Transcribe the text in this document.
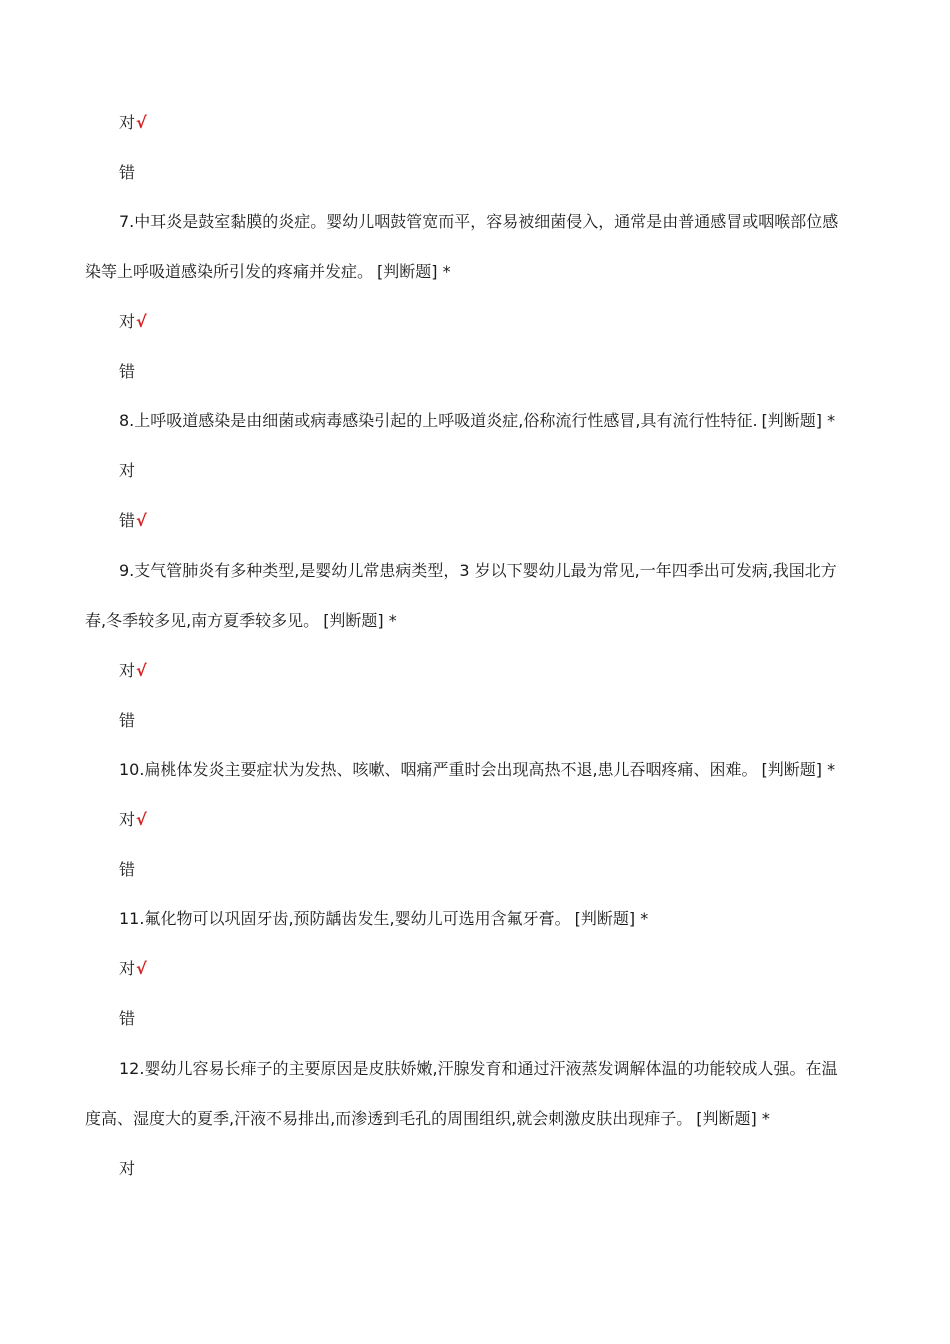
对√
错
7.中耳炎是鼓室黏膜的炎症。婴幼儿咽鼓管宽而平，容易被细菌侵入，通常是由普通感冒或咽喉部位感
染等上呼吸道感染所引发的疼痛并发症。 [判断题] *
对√
错
8.上呼吸道感染是由细菌或病毒感染引起的上呼吸道炎症,俗称流行性感冒,具有流行性特征. [判断题] *
对
错√
9.支气管肺炎有多种类型,是婴幼儿常患病类型，3 岁以下婴幼儿最为常见,一年四季出可发病,我国北方
春,冬季较多见,南方夏季较多见。 [判断题] *
对√
错
10.扁桃体发炎主要症状为发热、咳嗽、咽痛严重时会出现高热不退,患儿吞咽疼痛、困难。 [判断题] *
对√
错
11.氟化物可以巩固牙齿,预防龋齿发生,婴幼儿可选用含氟牙膏。 [判断题] *
对√
错
12.婴幼儿容易长痱子的主要原因是皮肤娇嫩,汗腺发育和通过汗液蒸发调解体温的功能较成人强。在温
度高、湿度大的夏季,汗液不易排出,而渗透到毛孔的周围组织,就会刺激皮肤出现痱子。 [判断题] *
对
